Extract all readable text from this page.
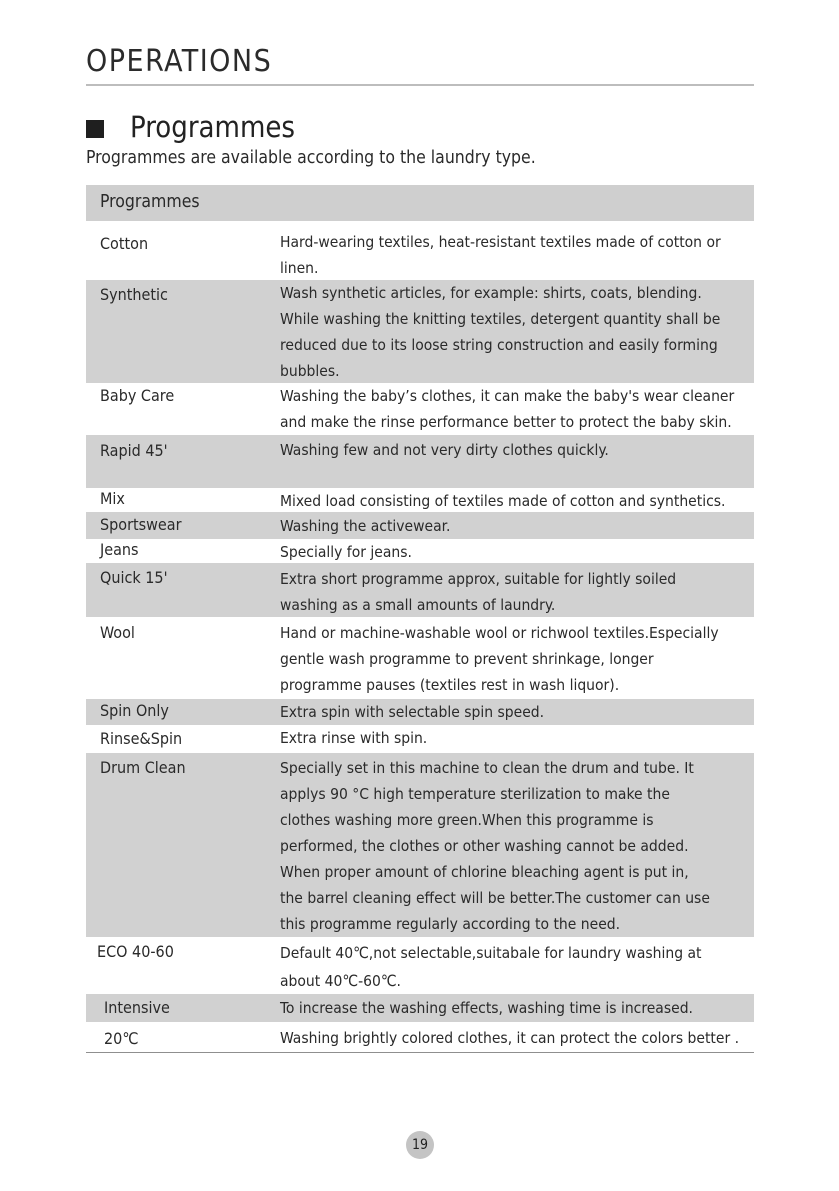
OPERATIONS
Programmes
Programmes are available according to the laundry type.
Programmes
Cotton	Hard-wearing textiles, heat-resistant textiles made of cotton or
linen.
Synthetic	Wash synthetic articles, for example: shirts, coats, blending.
While washing the knitting textiles, detergent quantity shall be
reduced due to its loose string construction and easily forming
bubbles.
Baby Care	Washing the baby’s clothes, it can make the baby's wear cleaner
and make the rinse performance better to protect the baby skin.
Rapid 45'	Washing few and not very dirty clothes quickly.
Mix	Mixed load consisting of textiles made of cotton and synthetics.
Sportswear	Washing the activewear.
Jeans	Specially for jeans.
Quick 15'	Extra short programme approx, suitable for lightly soiled
washing as a small amounts of laundry.
Wool	Hand or machine-washable wool or richwool textiles.Especially
gentle wash programme to prevent shrinkage, longer
programme pauses (textiles rest in wash liquor).
Spin Only	Extra spin with selectable spin speed.
Rinse&Spin	Extra rinse with spin.
Drum Clean	Specially set in this machine to clean the drum and tube. It
applys 90 °C high temperature sterilization to make the
clothes washing more green.When this programme is
performed, the clothes or other washing cannot be added.
When proper amount of chlorine bleaching agent is put in,
the barrel cleaning effect will be better.The customer can use
this programme regularly according to the need.
ECO 40-60	Default 40℃,not selectable,suitabale for laundry washing at
about 40℃-60℃.
Intensive	To increase the washing effects, washing time is increased.
20℃	Washing brightly colored clothes, it can protect the colors better .
19
